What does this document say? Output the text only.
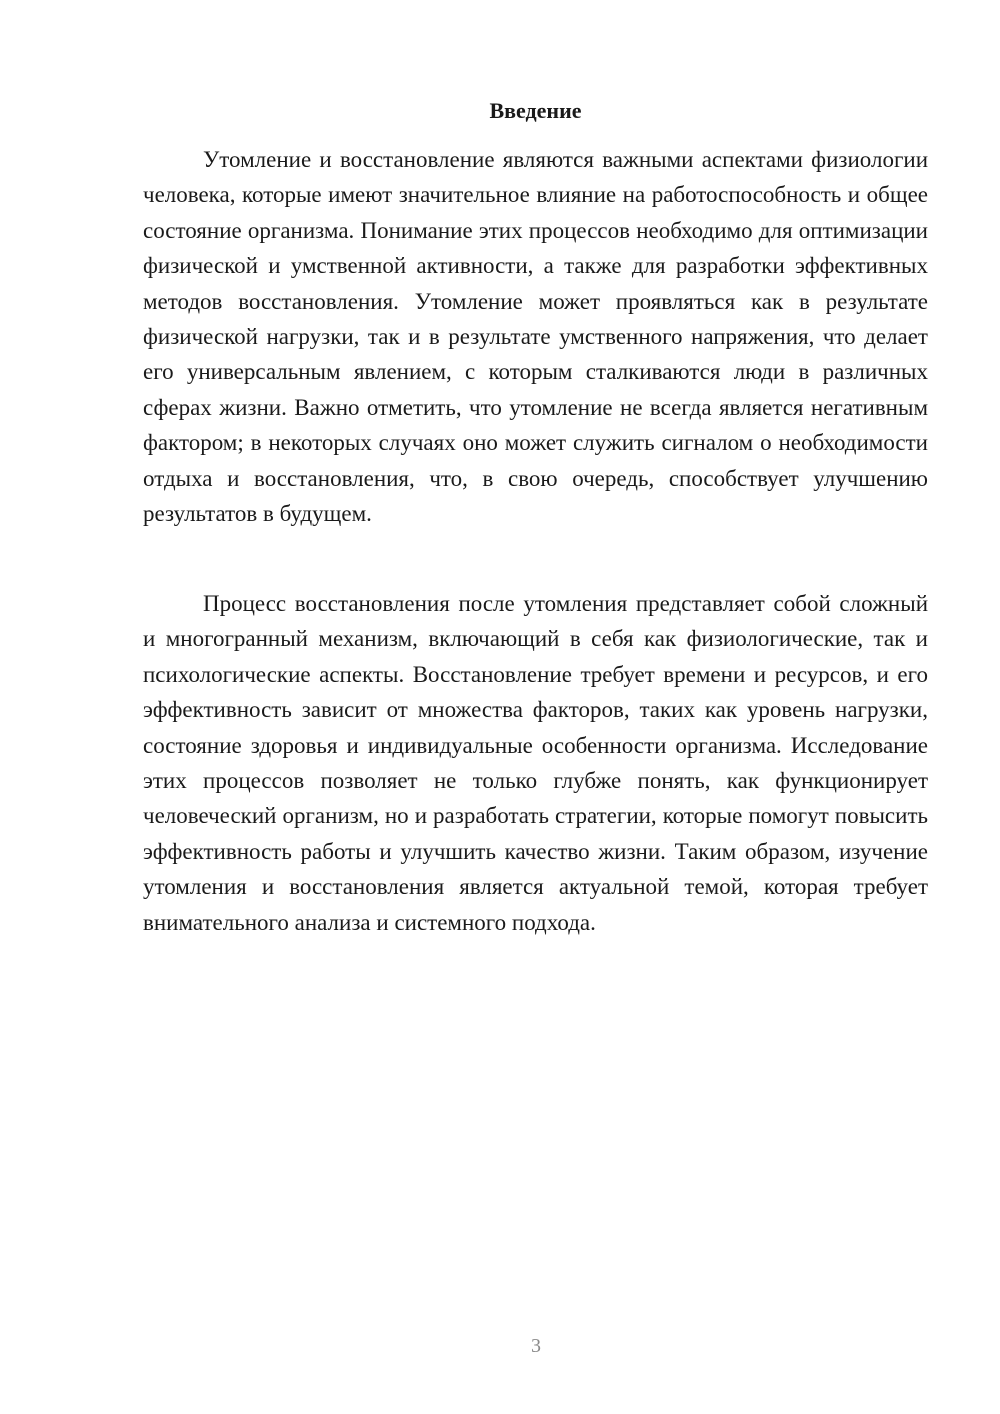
Введение

Утомление и восстановление являются важными аспектами физиологии человека, которые имеют значительное влияние на работоспособность и общее состояние организма. Понимание этих процессов необходимо для оптимизации физической и умственной активности, а также для разработки эффективных методов восстановления. Утомление может проявляться как в результате физической нагрузки, так и в результате умственного напряжения, что делает его универсальным явлением, с которым сталкиваются люди в различных сферах жизни. Важно отметить, что утомление не всегда является негативным фактором; в некоторых случаях оно может служить сигналом о необходимости отдыха и восстановления, что, в свою очередь, способствует улучшению результатов в будущем.

Процесс восстановления после утомления представляет собой сложный и многогранный механизм, включающий в себя как физиологические, так и психологические аспекты. Восстановление требует времени и ресурсов, и его эффективность зависит от множества факторов, таких как уровень нагрузки, состояние здоровья и индивидуальные особенности организма. Исследование этих процессов позволяет не только глубже понять, как функционирует человеческий организм, но и разработать стратегии, которые помогут повысить эффективность работы и улучшить качество жизни. Таким образом, изучение утомления и восстановления является актуальной темой, которая требует внимательного анализа и системного подхода.

3
